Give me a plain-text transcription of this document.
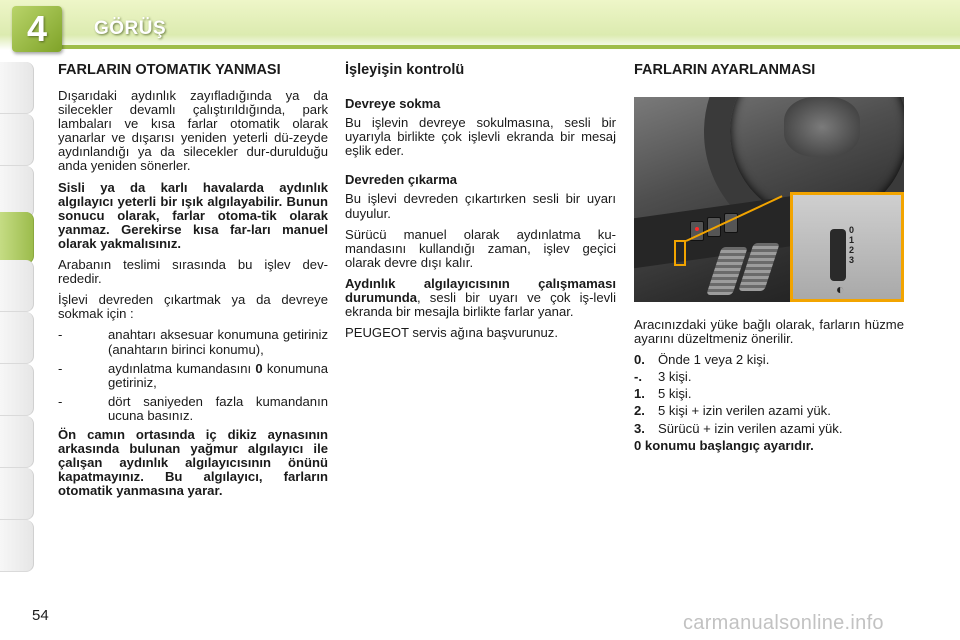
4	GÖRÜŞ
FARLARIN OTOMATIK YANMASI

Dışarıdaki aydınlık zayıfladığında ya da silecekler devamlı çalıştırıldığında, park lambaları ve kısa farlar otomatik olarak yanarlar ve dışarısı yeniden yeterli dü-zeyde aydınlandığı ya da silecekler dur-durulduğu anda yeniden sönerler.

Sisli ya da karlı havalarda aydınlık algılayıcı yeterli bir ışık algılayabilir. Bunun sonucu olarak, farlar otoma-tik olarak yanmaz. Gerekirse kısa far-ları manuel olarak yakmalısınız.

Arabanın teslimi sırasında bu işlev dev-rededir.

İşlevi devreden çıkartmak ya da devreye sokmak için :

-	anahtarı aksesuar konumuna getiriniz (anahtarın birinci konumu),
-	aydınlatma kumandasını 0 konumuna getiriniz,
-	dört saniyeden fazla kumandanın ucuna basınız.

Ön camın ortasında iç dikiz aynasının arkasında bulunan yağmur algılayıcı ile çalışan aydınlık algılayıcısının önünü kapatmayınız. Bu algılayıcı, farların otomatik yanmasına yarar.

İşleyişin kontrolü
Devreye sokma

Bu işlevin devreye sokulmasına, sesli bir uyarıyla birlikte çok işlevli ekranda bir mesaj eşlik eder.

Devreden çıkarma

Bu işlevi devreden çıkartırken sesli bir uyarı duyulur.

Sürücü manuel olarak aydınlatma ku-mandasını kullandığı zaman, işlev geçici olarak devre dışı kalır.

Aydınlık algılayıcısının çalışmaması durumunda, sesli bir uyarı ve çok iş-levli ekranda bir mesajla birlikte farlar yanar.

PEUGEOT servis ağına başvurunuz.

FARLARIN AYARLANMASI
0
1
2
3
◐

Aracınızdaki yüke bağlı olarak, farların hüzme ayarını düzeltmeniz önerilir.

0. Önde 1 veya 2 kişi.
-.	3 kişi.
1. 5 kişi.
2. 5 kişi + izin verilen azami yük.
3. Sürücü + izin verilen azami yük.

0 konumu başlangıç ayarıdır.

54	carmanualsonline.info
